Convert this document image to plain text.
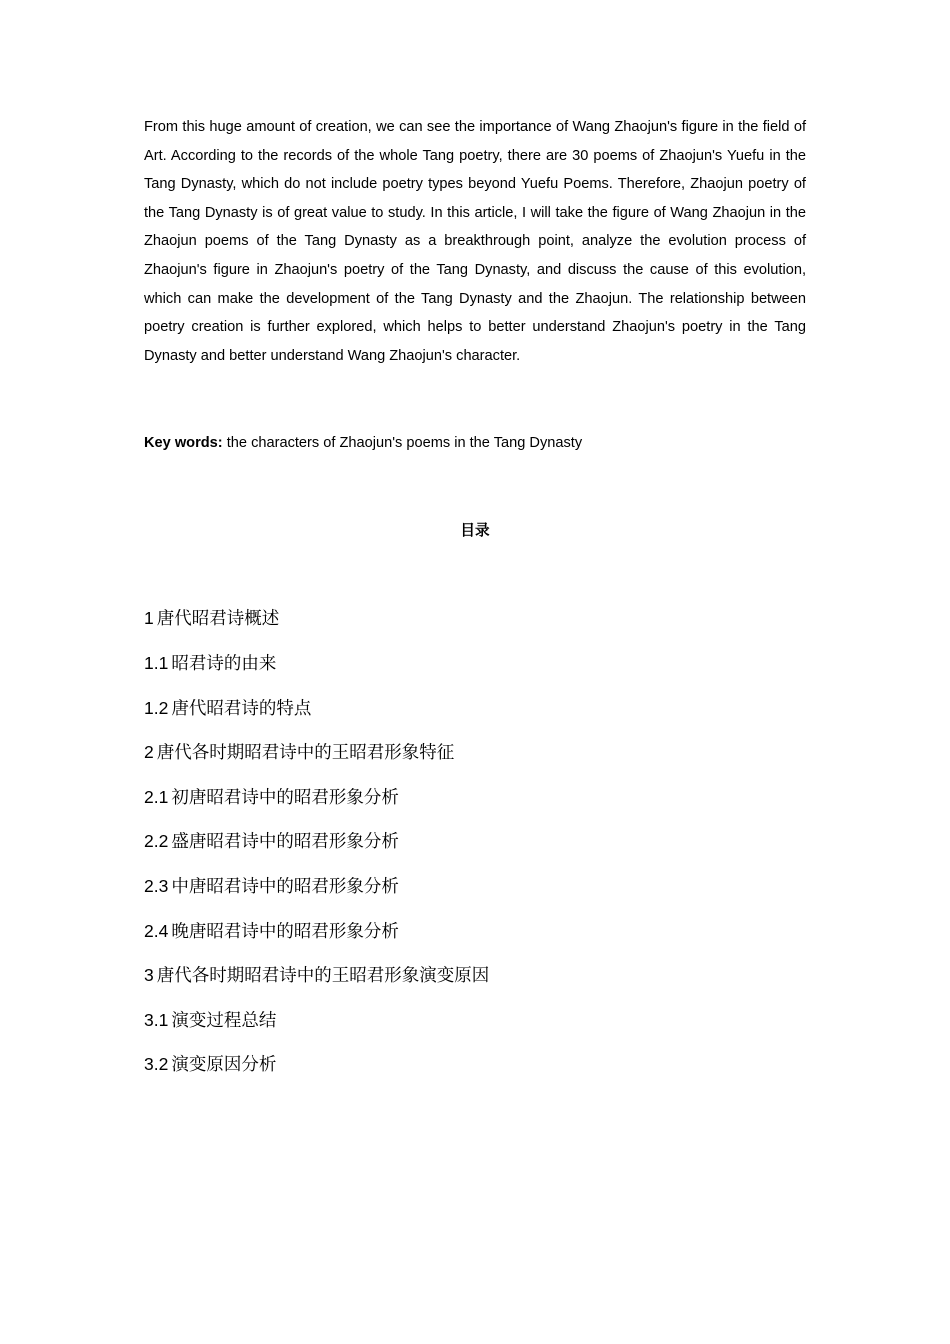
From this huge amount of creation, we can see the importance of Wang Zhaojun's figure in the field of Art. According to the records of the whole Tang poetry, there are 30 poems of Zhaojun's Yuefu in the Tang Dynasty, which do not include poetry types beyond Yuefu Poems. Therefore, Zhaojun poetry of the Tang Dynasty is of great value to study. In this article, I will take the figure of Wang Zhaojun in the Zhaojun poems of the Tang Dynasty as a breakthrough point, analyze the evolution process of Zhaojun's figure in Zhaojun's poetry of the Tang Dynasty, and discuss the cause of this evolution, which can make the development of the Tang Dynasty and the Zhaojun. The relationship between poetry creation is further explored, which helps to better understand Zhaojun's poetry in the Tang Dynasty and better understand Wang Zhaojun's character.

Key words: the characters of Zhaojun's poems in the Tang Dynasty

目录
1 唐代昭君诗概述
1.1 昭君诗的由来
1.2 唐代昭君诗的特点
2 唐代各时期昭君诗中的王昭君形象特征
2.1 初唐昭君诗中的昭君形象分析
2.2 盛唐昭君诗中的昭君形象分析
2.3 中唐昭君诗中的昭君形象分析
2.4 晚唐昭君诗中的昭君形象分析
3 唐代各时期昭君诗中的王昭君形象演变原因
3.1 演变过程总结
3.2 演变原因分析
